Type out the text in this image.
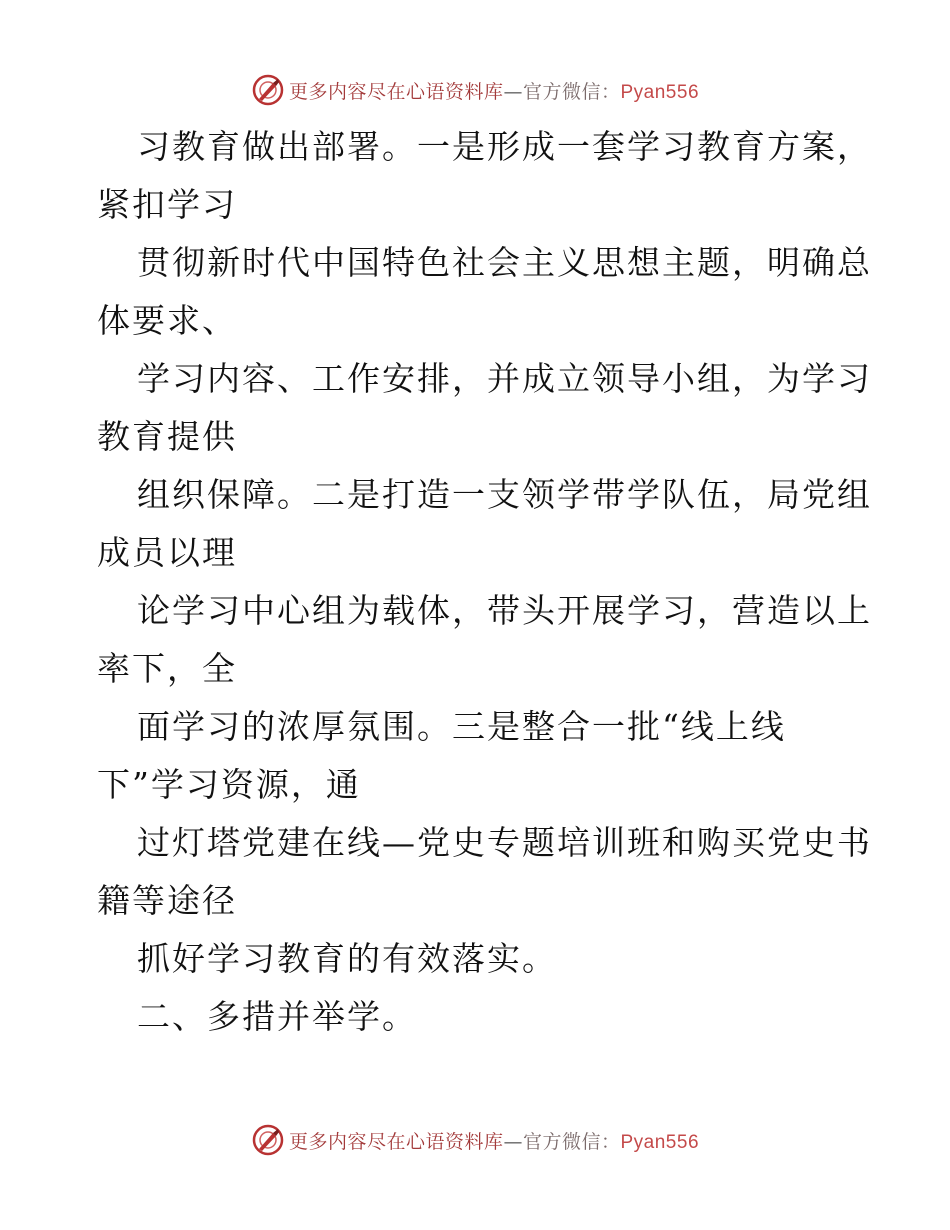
更多内容尽在心语资料库—官方微信：Pyan556

习教育做出部署。一是形成一套学习教育方案，
紧扣学习

贯彻新时代中国特色社会主义思想主题，明确总
体要求、

学习内容、工作安排，并成立领导小组，为学习
教育提供

组织保障。二是打造一支领学带学队伍，局党组
成员以理

论学习中心组为载体，带头开展学习，营造以上
率下，全

面学习的浓厚氛围。三是整合一批“线上线
下”学习资源，通

过灯塔党建在线—党史专题培训班和购买党史书
籍等途径

抓好学习教育的有效落实。

二、多措并举学。

更多内容尽在心语资料库—官方微信：Pyan556
